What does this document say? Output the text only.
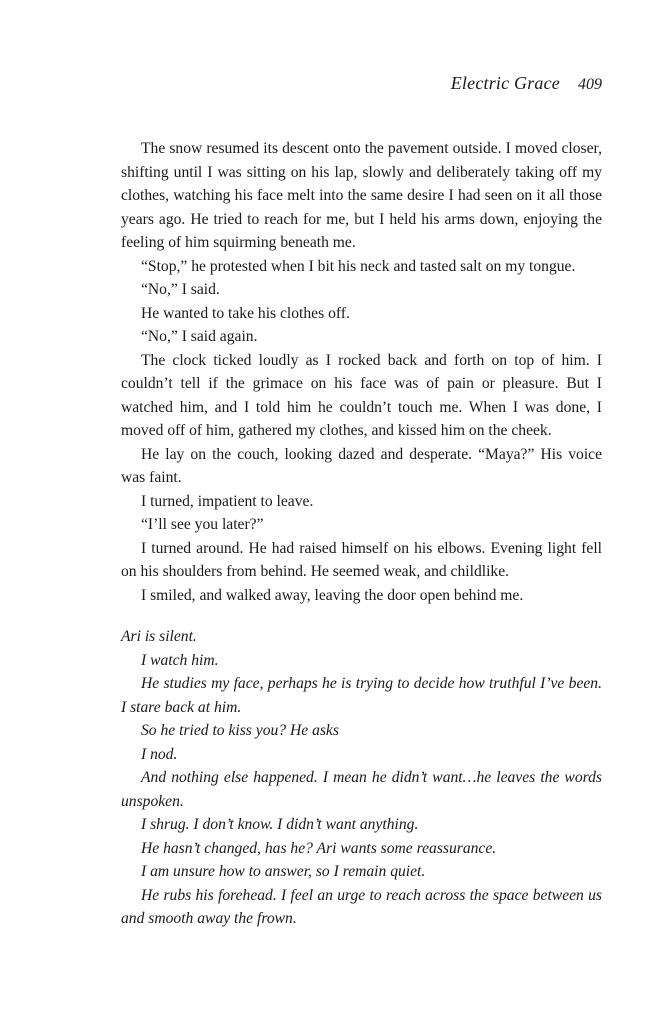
Electric Grace 409

The snow resumed its descent onto the pavement outside. I moved closer, shifting until I was sitting on his lap, slowly and deliberately taking off my clothes, watching his face melt into the same desire I had seen on it all those years ago. He tried to reach for me, but I held his arms down, enjoying the feeling of him squirming beneath me.

“Stop,” he protested when I bit his neck and tasted salt on my tongue.

“No,” I said.

He wanted to take his clothes off.

“No,” I said again.

The clock ticked loudly as I rocked back and forth on top of him. I couldn’t tell if the grimace on his face was of pain or pleasure. But I watched him, and I told him he couldn’t touch me. When I was done, I moved off of him, gathered my clothes, and kissed him on the cheek.

He lay on the couch, looking dazed and desperate. “Maya?” His voice was faint.

I turned, impatient to leave.

“I’ll see you later?”

I turned around. He had raised himself on his elbows. Evening light fell on his shoulders from behind. He seemed weak, and childlike.

I smiled, and walked away, leaving the door open behind me.

Ari is silent.

I watch him.

He studies my face, perhaps he is trying to decide how truthful I’ve been. I stare back at him.

So he tried to kiss you? He asks

I nod.

And nothing else happened. I mean he didn’t want…he leaves the words unspoken.

I shrug. I don’t know. I didn’t want anything.

He hasn’t changed, has he? Ari wants some reassurance.

I am unsure how to answer, so I remain quiet.

He rubs his forehead. I feel an urge to reach across the space between us and smooth away the frown.
